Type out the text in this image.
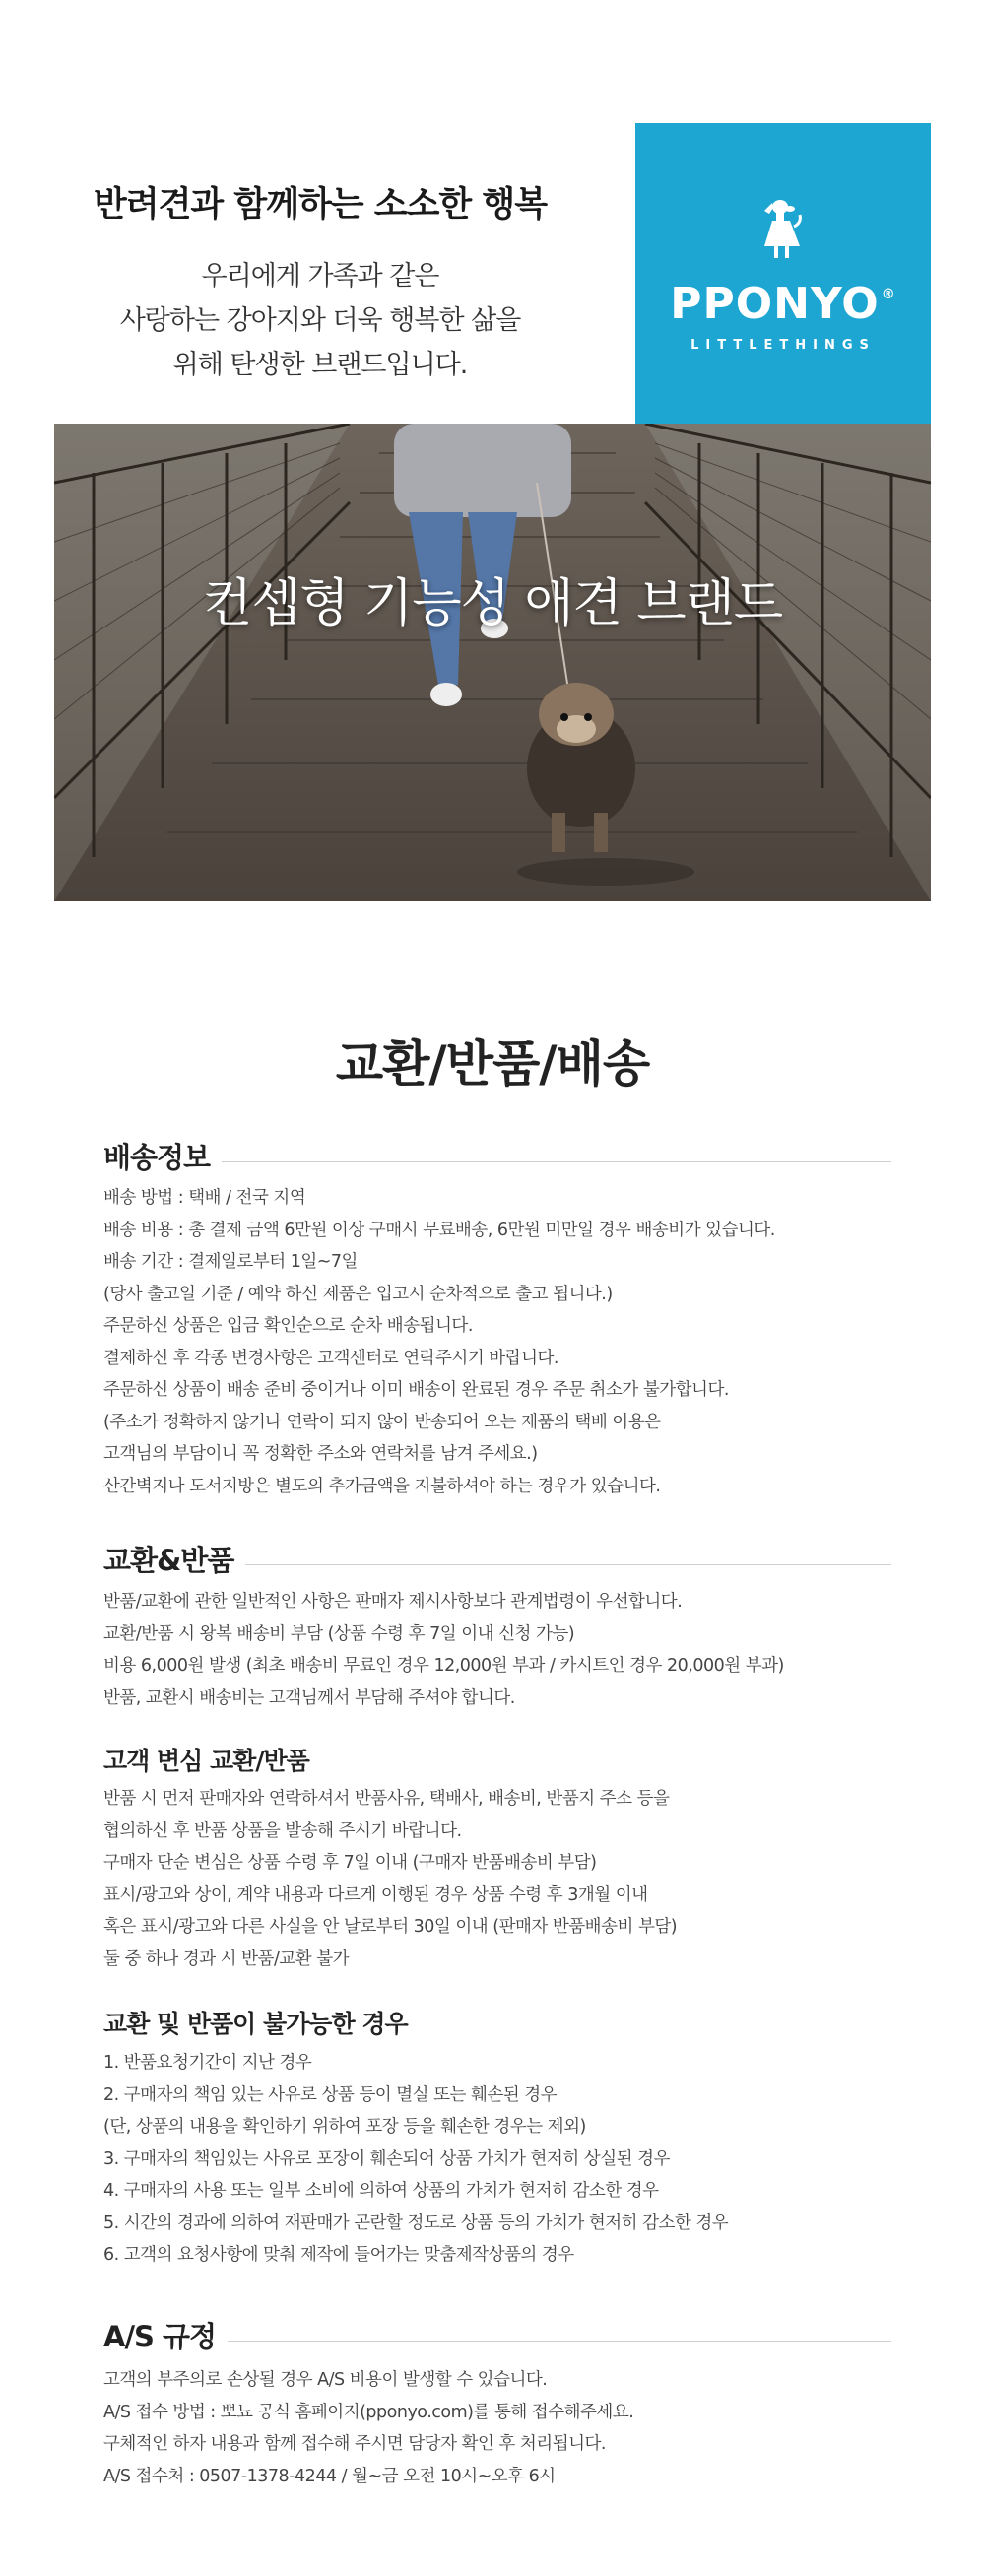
반려견과 함께하는 소소한 행복
우리에게 가족과 같은
사랑하는 강아지와 더욱 행복한 삶을
위해 탄생한 브랜드입니다.
PPONYO ®
LITTLETHINGS
컨셉형 기능성 애견 브랜드
교환/반품/배송
배송정보
배송 방법 : 택배 / 전국 지역
배송 비용 : 총 결제 금액 6만원 이상 구매시 무료배송, 6만원 미만일 경우 배송비가 있습니다.
배송 기간 : 결제일로부터 1일~7일
(당사 출고일 기준 / 예약 하신 제품은 입고시 순차적으로 출고 됩니다.)
주문하신 상품은 입금 확인순으로 순차 배송됩니다.
결제하신 후 각종 변경사항은 고객센터로 연락주시기 바랍니다.
주문하신 상품이 배송 준비 중이거나 이미 배송이 완료된 경우 주문 취소가 불가합니다.
(주소가 정확하지 않거나 연락이 되지 않아 반송되어 오는 제품의 택배 이용은
고객님의 부담이니 꼭 정확한 주소와 연락처를 남겨 주세요.)
산간벽지나 도서지방은 별도의 추가금액을 지불하셔야 하는 경우가 있습니다.
교환&반품
반품/교환에 관한 일반적인 사항은 판매자 제시사항보다 관계법령이 우선합니다.
교환/반품 시 왕복 배송비 부담 (상품 수령 후 7일 이내 신청 가능)
비용 6,000원 발생 (최초 배송비 무료인 경우 12,000원 부과 / 카시트인 경우 20,000원 부과)
반품, 교환시 배송비는 고객님께서 부담해 주셔야 합니다.
고객 변심 교환/반품
반품 시 먼저 판매자와 연락하셔서 반품사유, 택배사, 배송비, 반품지 주소 등을
협의하신 후 반품 상품을 발송해 주시기 바랍니다.
구매자 단순 변심은 상품 수령 후 7일 이내 (구매자 반품배송비 부담)
표시/광고와 상이, 계약 내용과 다르게 이행된 경우 상품 수령 후 3개월 이내
혹은 표시/광고와 다른 사실을 안 날로부터 30일 이내 (판매자 반품배송비 부담)
둘 중 하나 경과 시 반품/교환 불가
교환 및 반품이 불가능한 경우
1. 반품요청기간이 지난 경우
2. 구매자의 책임 있는 사유로 상품 등이 멸실 또는 훼손된 경우
(단, 상품의 내용을 확인하기 위하여 포장 등을 훼손한 경우는 제외)
3. 구매자의 책임있는 사유로 포장이 훼손되어 상품 가치가 현저히 상실된 경우
4. 구매자의 사용 또는 일부 소비에 의하여 상품의 가치가 현저히 감소한 경우
5. 시간의 경과에 의하여 재판매가 곤란할 정도로 상품 등의 가치가 현저히 감소한 경우
6. 고객의 요청사항에 맞춰 제작에 들어가는 맞춤제작상품의 경우
A/S 규정
고객의 부주의로 손상될 경우 A/S 비용이 발생할 수 있습니다.
A/S 접수 방법 : 뽀뇨 공식 홈페이지(pponyo.com)를 통해 접수해주세요.
구체적인 하자 내용과 함께 접수해 주시면 담당자 확인 후 처리됩니다.
A/S 접수처 : 0507-1378-4244 / 월~금 오전 10시~오후 6시
